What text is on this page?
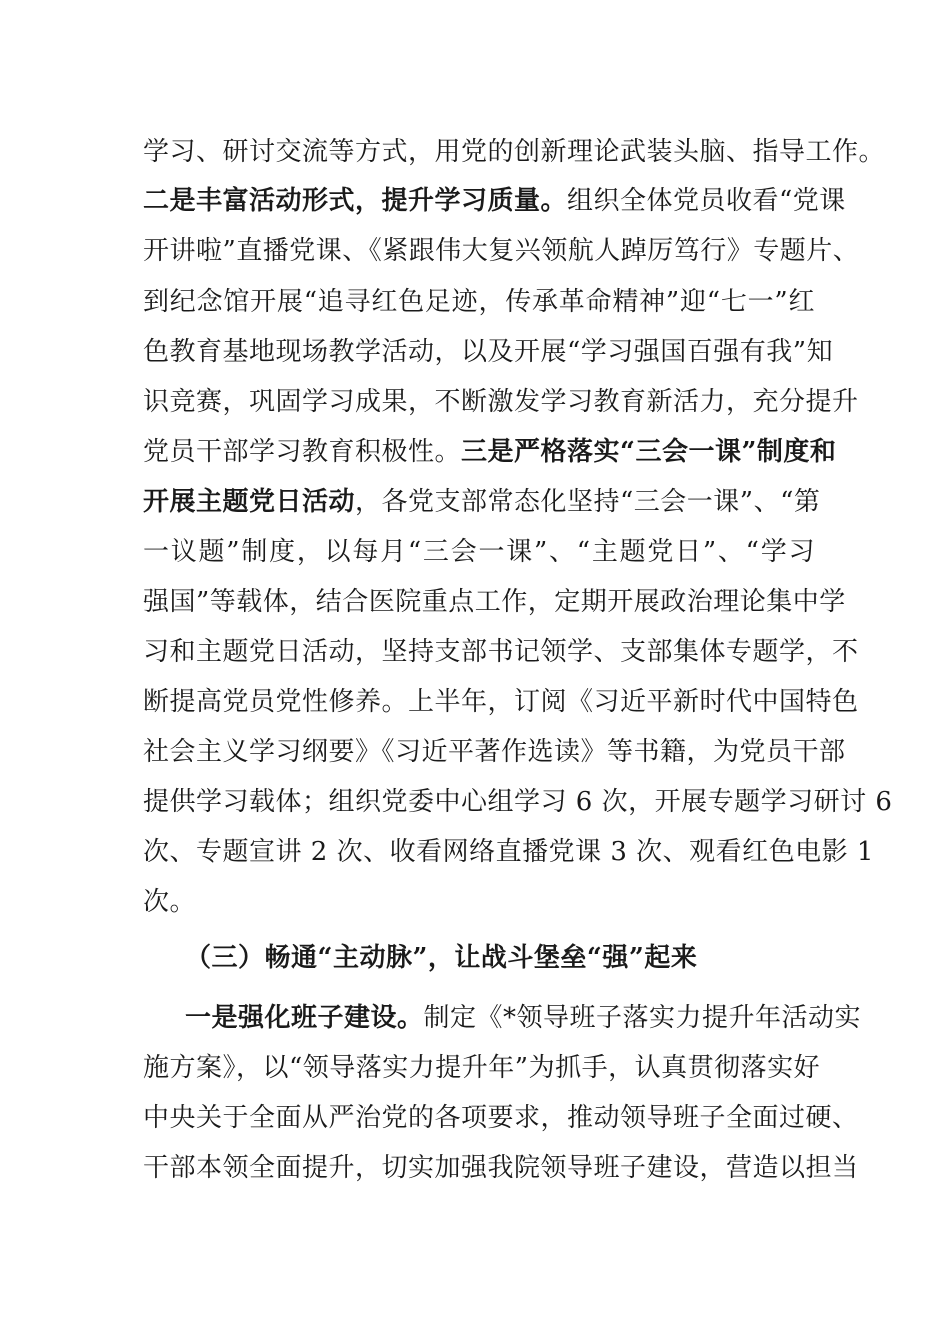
学习、研讨交流等方式，用党的创新理论武装头脑、指导工作。
二是丰富活动形式，提升学习质量。组织全体党员收看“党课
开讲啦”直播党课、《紧跟伟大复兴领航人踔厉笃行》专题片、
到纪念馆开展“追寻红色足迹，传承革命精神”迎“七一”红
色教育基地现场教学活动，以及开展“学习强国百强有我”知
识竞赛，巩固学习成果，不断激发学习教育新活力，充分提升
党员干部学习教育积极性。三是严格落实“三会一课”制度和
开展主题党日活动，各党支部常态化坚持“三会一课”、“第
一议题”制度，以每月“三会一课”、“主题党日”、“学习
强国”等载体，结合医院重点工作，定期开展政治理论集中学
习和主题党日活动，坚持支部书记领学、支部集体专题学，不
断提高党员党性修养。上半年，订阅《习近平新时代中国特色
社会主义学习纲要》《习近平著作选读》等书籍，为党员干部
提供学习载体；组织党委中心组学习 6 次，开展专题学习研讨 6
次、专题宣讲 2 次、收看网络直播党课 3 次、观看红色电影 1
次。
（三）畅通“主动脉”，让战斗堡垒“强”起来
一是强化班子建设。制定《*领导班子落实力提升年活动实
施方案》，以“领导落实力提升年”为抓手，认真贯彻落实好
中央关于全面从严治党的各项要求，推动领导班子全面过硬、
干部本领全面提升，切实加强我院领导班子建设，营造以担当
